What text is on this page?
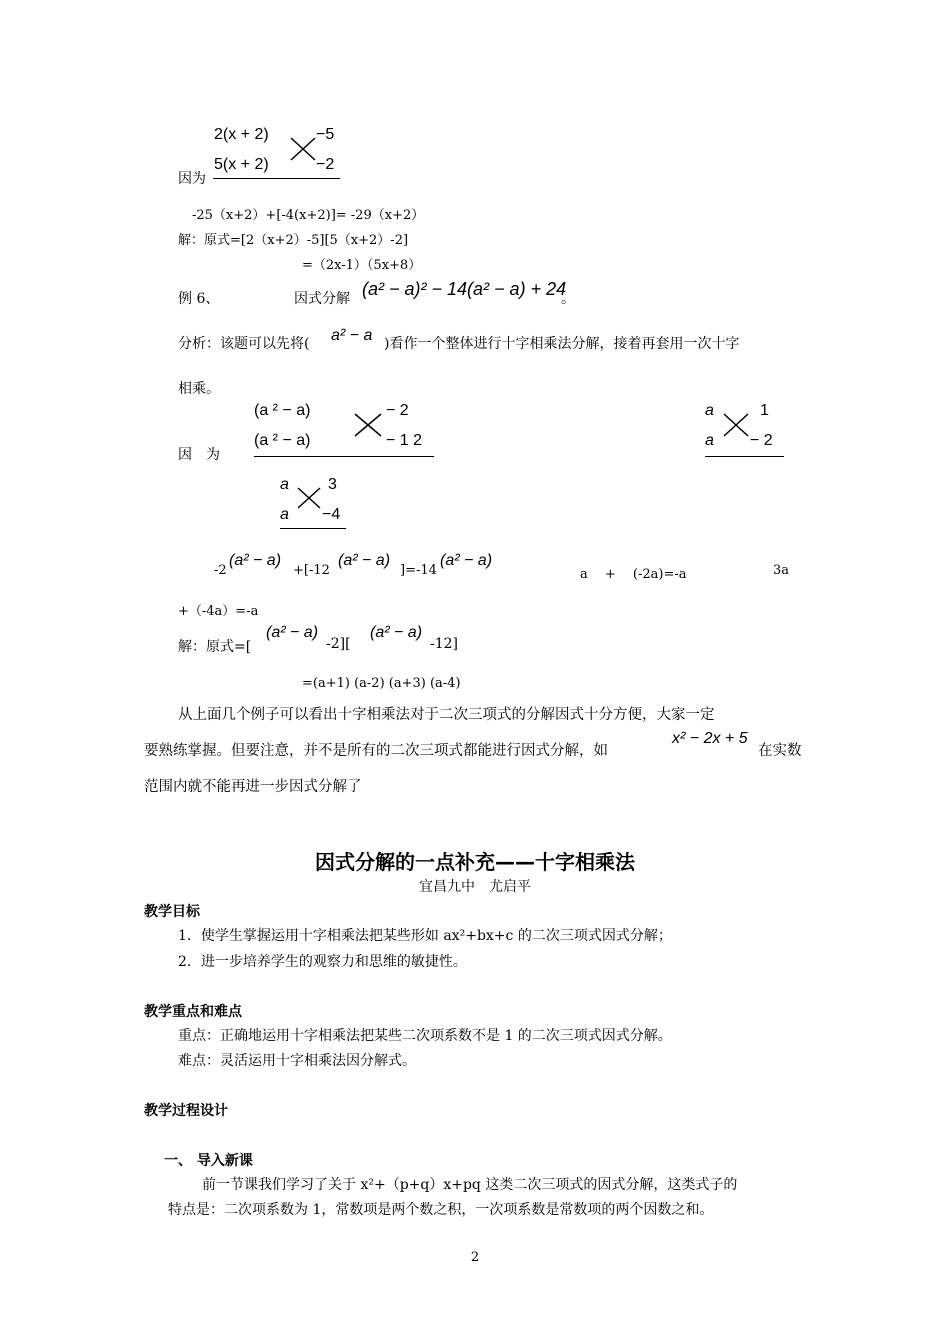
2(x + 2)	−5
5(x + 2)	−2
因为
-25（x+2）+[-4(x+2)]= -29（x+2）
解：原式=[2（x+2）-5][5（x+2）-2]
=（2x-1）（5x+8）
例 6、	因式分解 (a² − a)² − 14(a² − a) + 24
。
分析：该题可以先将( a² − a )看作一个整体进行十字相乘法分解，接着再套用一次十字
相乘。
(a ² − a)	− 2
(a ² − a)	− 1 2
因　为
a	1
a − 2
a 3
a −4
-2
(a² − a)
+[-12
(a² − a)
]=-14
(a² − a)
a　 +　 (-2a)=-a	3a
+（-4a）=-a
解：原式=[
(a² − a)
-2][
(a² − a)
-12]
=(a+1) (a-2) (a+3) (a-4)
从上面几个例子可以看出十字相乘法对于二次三项式的分解因式十分方便，大家一定
要熟练掌握。但要注意，并不是所有的二次三项式都能进行因式分解，如
x² − 2x + 5
在实数
范围内就不能再进一步因式分解了
因式分解的一点补充——十字相乘法
宜昌九中　尤启平
教学目标
1．使学生掌握运用十字相乘法把某些形如 ax²+bx+c 的二次三项式因式分解；
2．进一步培养学生的观察力和思维的敏捷性。
教学重点和难点
重点：正确地运用十字相乘法把某些二次项系数不是 1 的二次三项式因式分解。
难点：灵活运用十字相乘法因分解式。
教学过程设计
一、 导入新课
前一节课我们学习了关于 x²+（p+q）x+pq 这类二次三项式的因式分解，这类式子的
特点是：二次项系数为 1，常数项是两个数之积，一次项系数是常数项的两个因数之和。
2
